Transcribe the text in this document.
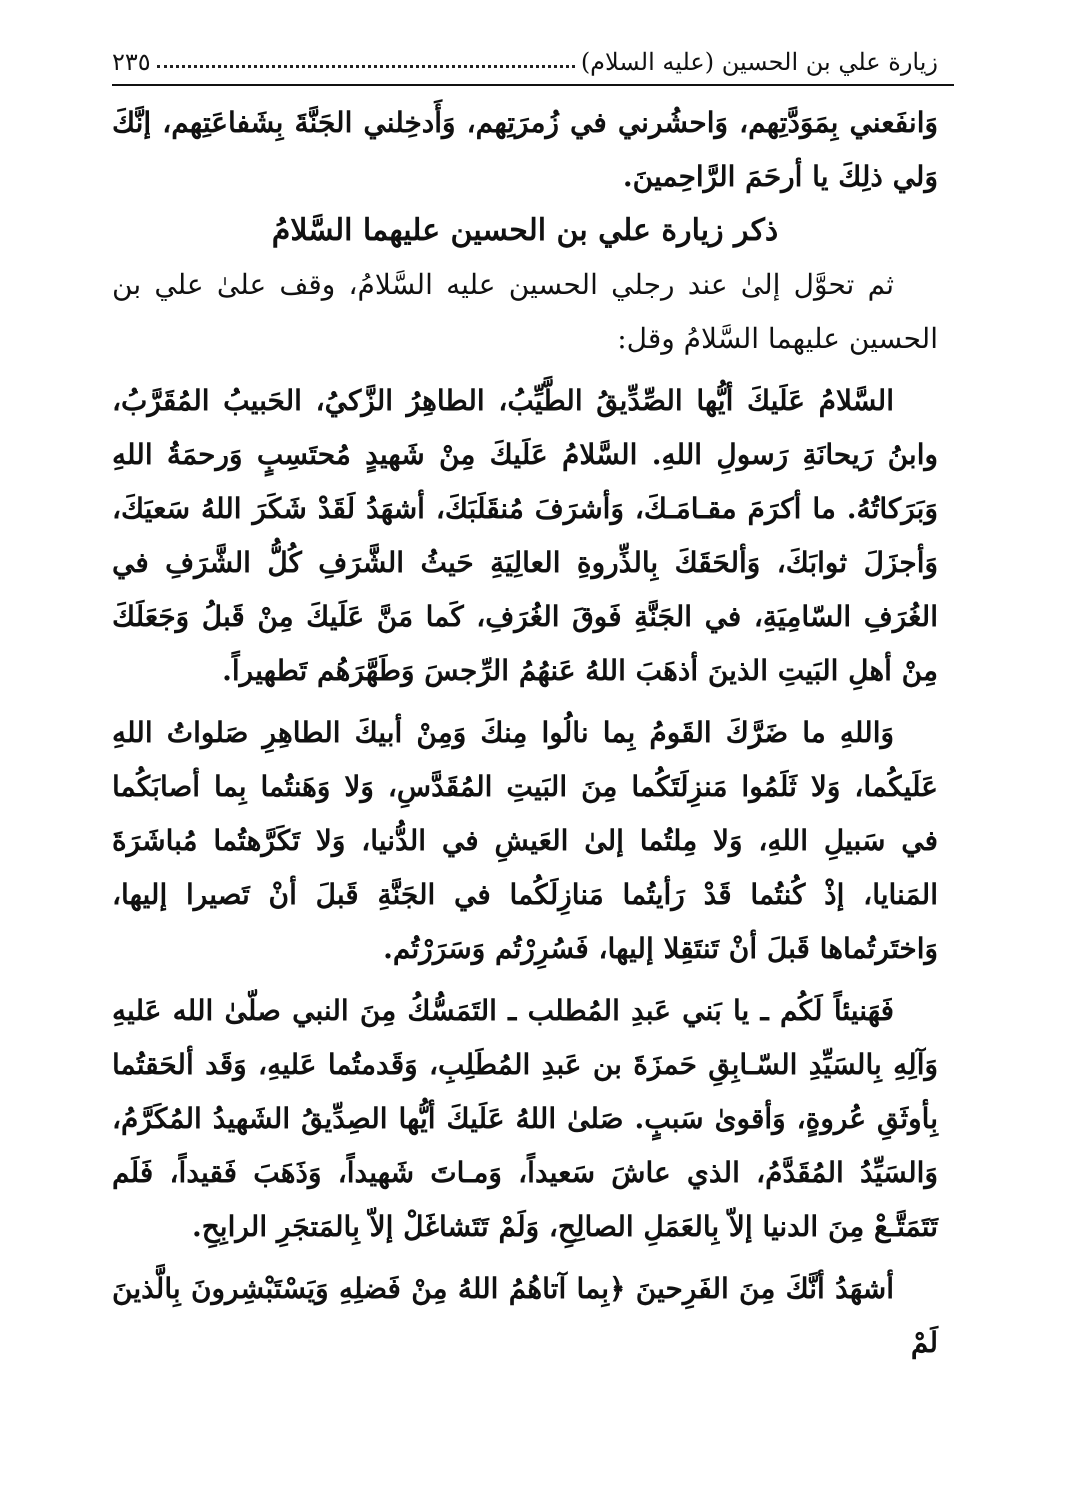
زيارة علي بن الحسين (عليه السلام)
٢٣٥

وَانفَعني بِمَوَدَّتِهم، وَاحشُرني في زُمرَتِهم، وَأَدخِلني الجَنَّةَ بِشَفاعَتِهم، إنَّكَ وَلي ذلِكَ يا أرحَمَ الرَّاحِمينَ.

ذكر زيارة علي بن الحسين عليهما السَّلامُ

ثم تحوَّل إلىٰ عند رجلي الحسين عليه السَّلامُ، وقف علىٰ علي بن الحسين عليهما السَّلامُ وقل:

السَّلامُ عَلَيكَ أيُّها الصِّدِّيقُ الطَّيِّبُ، الطاهِرُ الزَّكيُ، الحَبيبُ المُقَرَّبُ، وابنُ رَيحانَةِ رَسولِ اللهِ. السَّلامُ عَلَيكَ مِنْ شَهيدٍ مُحتَسِبٍ وَرحمَةُ اللهِ وَبَرَكاتُهُ. ما أكرَمَ مقـامَـكَ، وَأشرَفَ مُنقَلَبَكَ، أشهَدُ لَقَدْ شَكَرَ اللهُ سَعيَكَ، وَأجزَلَ ثوابَكَ، وَألحَقَكَ بِالذِّروةِ العالِيَةِ حَيثُ الشَّرَفِ كُلُّ الشَّرَفِ في الغُرَفِ السّامِيَةِ، في الجَنَّةِ فَوقَ الغُرَفِ، كَما مَنَّ عَلَيكَ مِنْ قَبلُ وَجَعَلَكَ مِنْ أهلِ البَيتِ الذينَ أذهَبَ اللهُ عَنهُمُ الرِّجسَ وَطَهَّرَهُم تَطهيراً.

وَاللهِ ما ضَرَّكَ القَومُ بِما نالُوا مِنكَ وَمِنْ أبيكَ الطاهِرِ صَلواتُ اللهِ عَلَيكُما، وَلا ثَلَمُوا مَنزِلَتَكُما مِنَ البَيتِ المُقَدَّسِ، وَلا وَهَنتُما بِما أصابَكُما في سَبيلِ اللهِ، وَلا مِلتُما إلىٰ العَيشِ في الدُّنيا، وَلا تَكَرَّهتُما مُباشَرَةَ المَنايا، إذْ كُنتُما قَدْ رَأيتُما مَنازِلَكُما في الجَنَّةِ قَبلَ أنْ تَصيرا إليها، وَاختَرتُماها قَبلَ أنْ تَنتَقِلا إليها، فَسُرِرْتُم وَسَرَرْتُم.

فَهَنيئاً لَكُم ـ يا بَني عَبدِ المُطلب ـ التَمَسُّكُ مِنَ النبي صلّىٰ الله عَليهِ وَآلِهِ بِالسَيِّدِ السّـابِقِ حَمزَةَ بن عَبدِ المُطَلِبِ، وَقَدمتُما عَليهِ، وَقَد ألحَقتُما بِأوثَقِ عُروةٍ، وَأقوىٰ سَببٍ. صَلىٰ اللهُ عَلَيكَ أيُّها الصِدِّيقُ الشَهيدُ المُكَرَّمُ، وَالسَيِّدُ المُقَدَّمُ، الذي عاشَ سَعيداً، وَمـاتَ شَهيداً، وَذَهَبَ فَقيداً، فَلَم تَتَمَتَّـعْ مِنَ الدنيا إلاّ بِالعَمَلِ الصالِحِ، وَلَمْ تَتَشاغَلْ إلاّ بِالمَتجَرِ الرابِحِ.

أشهَدُ أنَّكَ مِنَ الفَرِحينَ ﴿بِما آتاهُمُ اللهُ مِنْ فَضلِهِ وَيَسْتَبْشِرونَ بِالَّذينَ لَمْ
